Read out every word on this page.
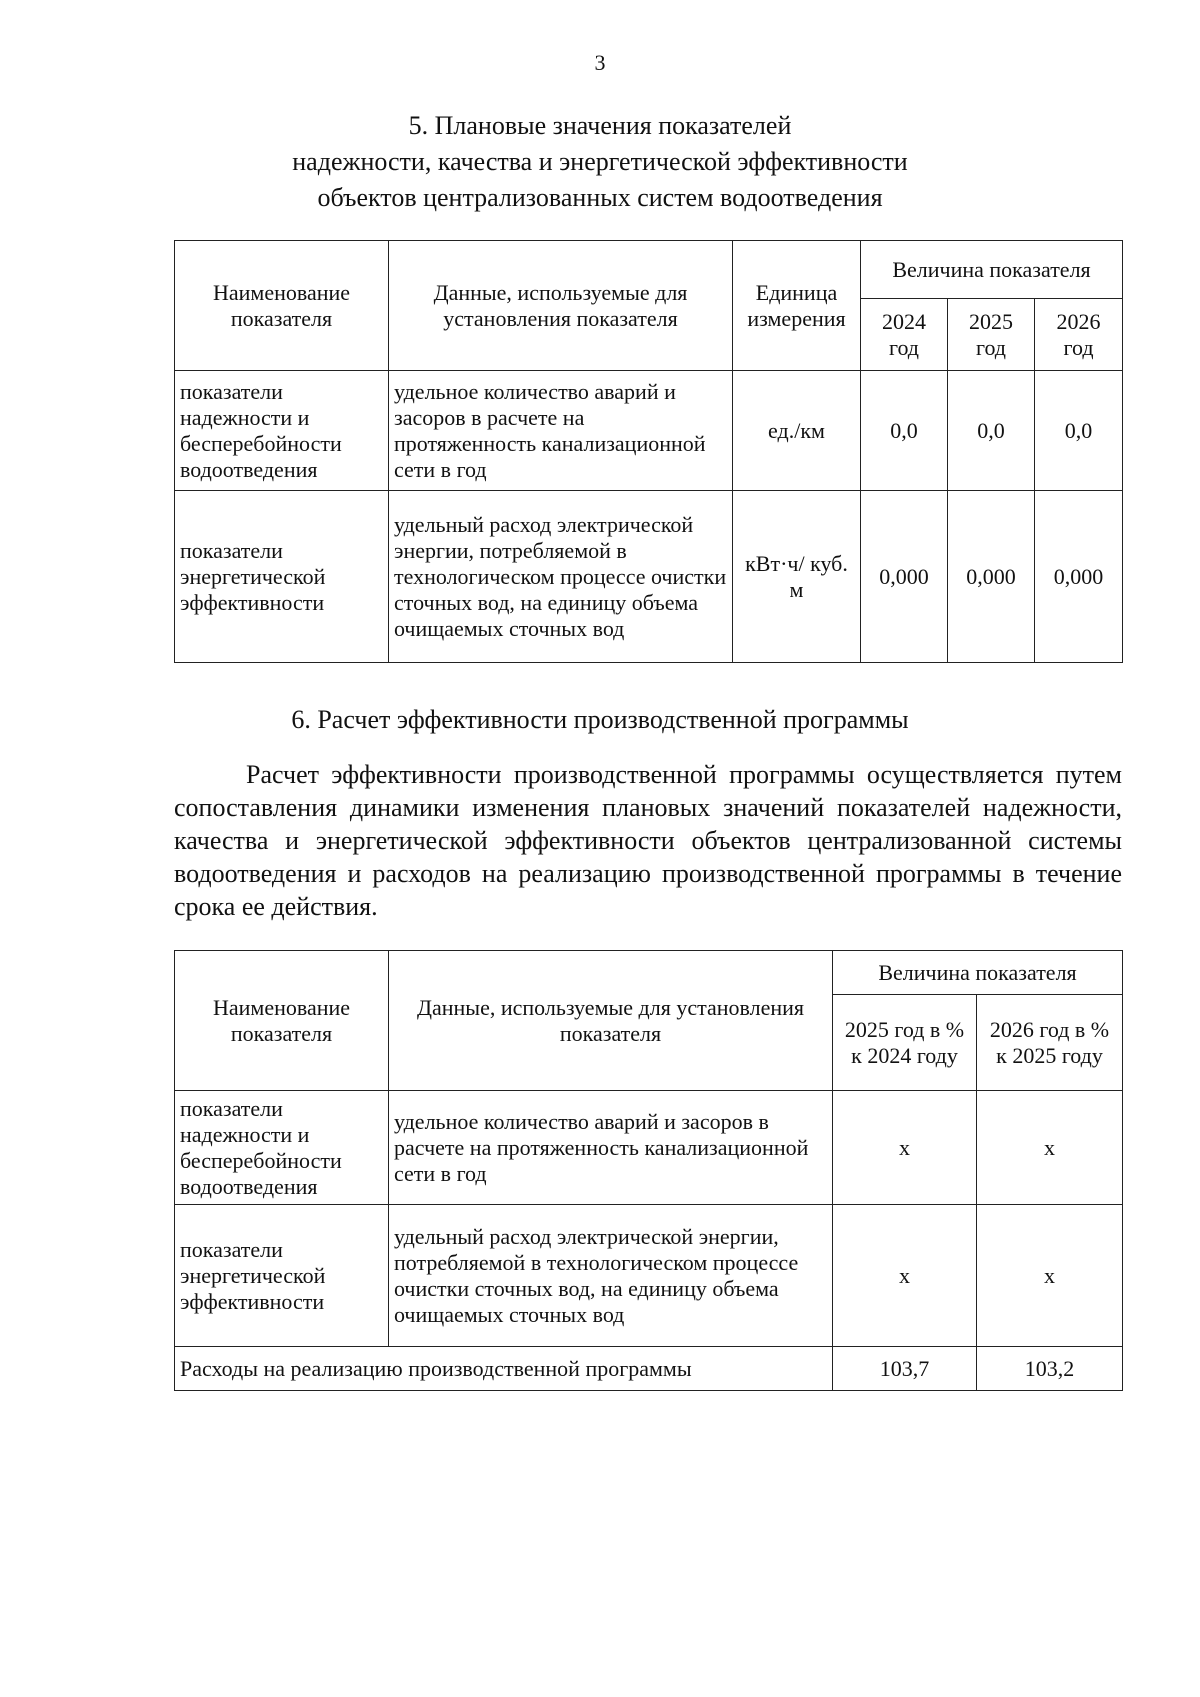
3
5. Плановые значения показателей
надежности, качества и энергетической эффективности
объектов централизованных систем водоотведения
Наименование показателя	Данные, используемые для установления показателя	Единица измерения	Величина показателя		
			2024 год	2025 год	2026 год
показатели надежности и бесперебойности водоотведения	удельное количество аварий и засоров в расчете на протяженность канализационной сети в год	ед./км	0,0	0,0	0,0
показатели энергетической эффективности	удельный расход электрической энергии, потребляемой в технологическом процессе очистки сточных вод, на единицу объема очищаемых сточных вод	кВт·ч/ куб. м	0,000	0,000	0,000
6. Расчет эффективности производственной программы

Расчет эффективности производственной программы осуществляется путем сопоставления динамики изменения плановых значений показателей надежности, качества и энергетической эффективности объектов централизованной системы водоотведения и расходов на реализацию производственной программы в течение срока ее действия.

Наименование показателя	Данные, используемые для установления показателя	Величина показателя	
		2025 год в % к 2024 году	2026 год в % к 2025 году
показатели надежности и бесперебойности водоотведения	удельное количество аварий и засоров в расчете на протяженность канализационной сети в год	х	х
показатели энергетической эффективности	удельный расход электрической энергии, потребляемой в технологическом процессе очистки сточных вод, на единицу объема очищаемых сточных вод	х	х
Расходы на реализацию производственной программы		103,7	103,2
